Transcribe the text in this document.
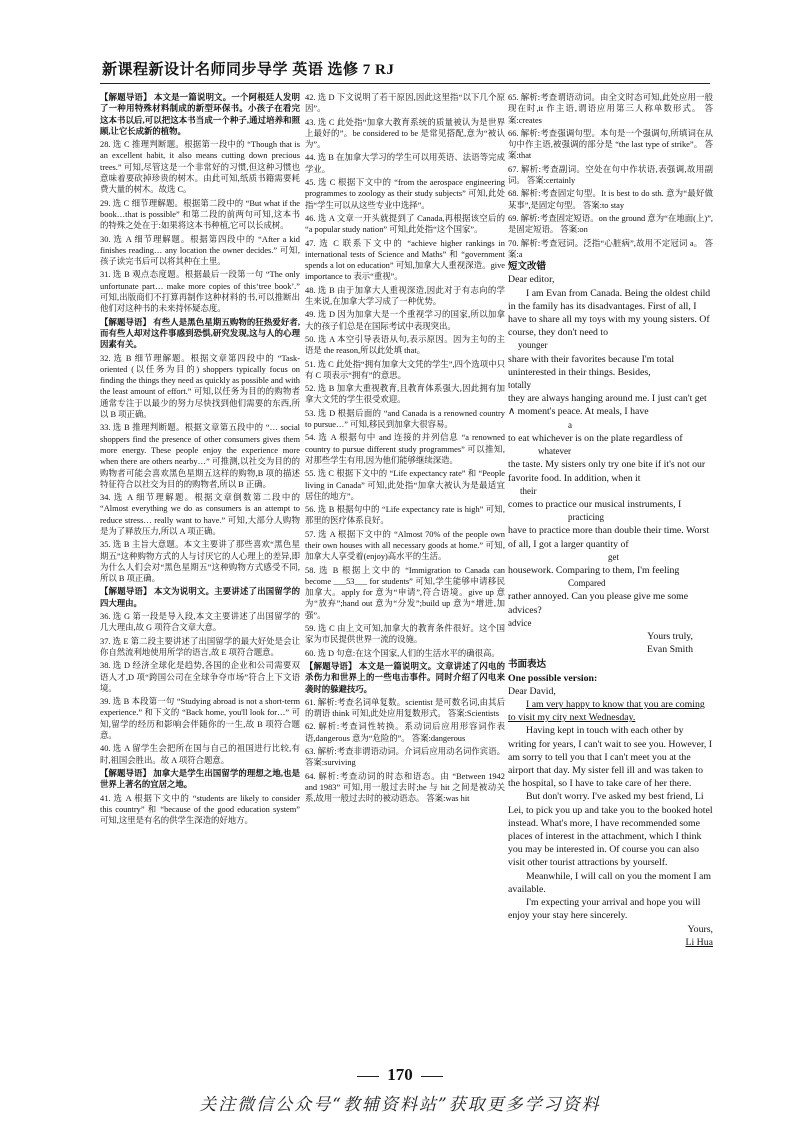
新课程新设计名师同步导学 英语 选修 7 RJ
【解题导语】 本文是一篇说明文。一个阿根廷人发明了一种用特殊材料制成的新型环保书。小孩子在看完这本书以后,可以把这本书当成一个种子,通过培养和照顾,让它长成新的植物。
28. 选 C 推理判断题。根据第一段中的 “Though that is an excellent habit, it also means cutting down precious trees.” 可知,尽管这是一个非常好的习惯,但这种习惯也意味着要砍掉珍贵的树木。由此可知,纸质书籍需要耗费大量的树木。故选 C。
29. 选 C 细节理解题。根据第二段中的 “But what if the book…that is possible” 和第二段的前两句可知,这本书的特殊之处在于:如果将这本书种植,它可以长成树。
30. 选 A 细节理解题。根据第四段中的 “After a kid finishes reading… any location the owner decides.” 可知,孩子读完书后可以将其种在土里。
31. 选 B 观点态度题。根据最后一段第一句 “The only unfortunate part… make more copies of this‘tree book’.” 可知,出版商们不打算再制作这种材料的书,可以推断出他们对这种书的未来持怀疑态度。
【解题导语】 有些人是黑色星期五购物的狂热爱好者,而有些人却对这件事感到恐惧,研究发现,这与人的心理因素有关。
32. 选 B 细节理解题。根据文章第四段中的 “Task-oriented (以任务为目的) shoppers typically focus on finding the things they need as quickly as possible and with the least amount of effort.” 可知,以任务为目的的购物者通常专注于以最少的努力尽快找到他们需要的东西,所以 B 项正确。
33. 选 B 推理判断题。根据文章第五段中的 “… social shoppers find the presence of other consumers gives them more energy. These people enjoy the experience more when there are others nearby…” 可推测,以社交为目的的购物者可能会喜欢黑色星期五这样的购物,B 项的描述特征符合以社交为目的的购物者,所以 B 正确。
34. 选 A 细节理解题。根据文章倒数第二段中的 “Almost everything we do as consumers is an attempt to reduce stress… really want to have.” 可知,大部分人购物是为了释放压力,所以 A 项正确。
35. 选 B 主旨大意题。本文主要讲了那些喜欢“黑色星期五”这种购物方式的人与讨厌它的人心理上的差异,即为什么人们会对“黑色星期五”这种购物方式感受不同,所以 B 项正确。
【解题导语】 本文为说明文。主要讲述了出国留学的四大理由。
36. 选 G 第一段是导入段,本文主要讲述了出国留学的几大理由,故 G 项符合文章大意。
37. 选 E 第二段主要讲述了出国留学的最大好处是会让你自然流利地使用所学的语言,故 E 项符合题意。
38. 选 D 经济全球化是趋势,各国的企业和公司需要双语人才,D 项“跨国公司在全球争夺市场”符合上下文语境。
39. 选 B 本段第一句 “Studying abroad is not a short-term experience.” 和下文的 “Back home, you'll look for…” 可知,留学的经历和影响会伴随你的一生,故 B 项符合题意。
40. 选 A 留学生会把所在国与自己的祖国进行比较,有时,祖国会胜出。故 A 项符合题意。
【解题导语】 加拿大是学生出国留学的理想之地,也是世界上著名的宜居之地。
41. 选 A 根据下文中的 “students are likely to consider this country” 和 “because of the good education system” 可知,这里是有名的供学生深造的好地方。
42. 选 D 下文说明了若干原因,因此这里指“以下几个原因”。
43. 选 C 此处指“加拿大教育系统的质量被认为是世界上最好的”。be considered to be 是常见搭配,意为“被认为”。
44. 选 B 在加拿大学习的学生可以用英语、法语等完成学业。
45. 选 C 根据下文中的 “from the aerospace engineering programmes to zoology as their study subjects” 可知,此处指“学生可以从这些专业中选择”。
46. 选 A 文章一开头就提到了 Canada,再根据该空后的 “a popular study nation” 可知,此处指“这个国家”。
47. 选 C 联系下文中的 “achieve higher rankings in international tests of Science and Maths” 和 “government spends a lot on education” 可知,加拿大人重视深造。give importance to 表示“重视”。
48. 选 B 由于加拿大人重视深造,因此对于有志向的学生来说,在加拿大学习成了一种优势。
49. 选 D 因为加拿大是一个重视学习的国家,所以加拿大的孩子们总是在国际考试中表现突出。
50. 选 A 本空引导表语从句,表示原因。因为主句的主语是 the reason,所以此处填 that。
51. 选 C 此处指“拥有加拿大文凭的学生”,四个选项中只有 C 项表示“拥有”的意思。
52. 选 B 加拿大重视教育,且教育体系强大,因此拥有加拿大文凭的学生很受欢迎。
53. 选 D 根据后面的 “and Canada is a renowned country to pursue…” 可知,移民到加拿大很容易。
54. 选 A 根据句中 and 连接的并列信息 “a renowned country to pursue different study programmes” 可以推知,对那些学生有用,因为他们能够继续深造。
55. 选 C 根据下文中的 “Life expectancy rate” 和 “People living in Canada” 可知,此处指“加拿大被认为是最适宜居住的地方”。
56. 选 B 根据句中的 “Life expectancy rate is high” 可知,那里的医疗体系良好。
57. 选 A 根据下文中的 “Almost 70% of the people own their own houses with all necessary goods at home.” 可知,加拿大人享受着(enjoy)高水平的生活。
58. 选 B 根据上文中的 “Immigration to Canada can become ___53___ for students” 可知,学生能够申请移民加拿大。apply for 意为“申请”,符合语境。give up 意为“放弃”;hand out 意为“分发”;build up 意为“增进,加强”。
59. 选 C 由上文可知,加拿大的教育条件很好。这个国家为市民提供世界一流的设施。
60. 选 D 句意:在这个国家,人们的生活水平的确很高。
【解题导语】 本文是一篇说明文。文章讲述了闪电的杀伤力和世界上的一些电击事件。同时介绍了闪电来袭时的躲避技巧。
61. 解析:考查名词单复数。scientist 是可数名词,由其后的谓语 think 可知,此处应用复数形式。 答案:Scientists
62. 解析:考查词性转换。系动词后应用形容词作表语,dangerous 意为“危险的”。 答案:dangerous
63. 解析:考查非谓语动词。介词后应用动名词作宾语。 答案:surviving
64. 解析:考查动词的时态和语态。由 “Between 1942 and 1983” 可知,用一般过去时;he 与 hit 之间是被动关系,故用一般过去时的被动语态。 答案:was hit
65. 解析:考查谓语动词。由全文时态可知,此处应用一般现在时,it 作主语,谓语应用第三人称单数形式。 答案:creates
66. 解析:考查强调句型。本句是一个强调句,所填词在从句中作主语,被强调的部分是 “the last type of strike”。 答案:that
67. 解析:考查副词。空处在句中作状语,表强调,故用副词。 答案:certainly
68. 解析:考查固定句型。It is best to do sth. 意为“最好做某事”,是固定句型。 答案:to stay
69. 解析:考查固定短语。on the ground 意为“在地面(上)”,是固定短语。 答案:on
70. 解析:考查冠词。泛指“心脏病”,故用不定冠词 a。 答案:a
短文改错
Dear editor,

I am Evan from Canada. Being the oldest child in the family has its disadvantages. First of all, I have to share all my toys with my young sisters. Of course, they don't need to

younger

share with their favorites because I'm total uninterested in their things. Besides,

totally

they are always hanging around me. I just can't get ∧ moment's peace. At meals, I have

a

to eat whichever is on the plate regardless of

whatever

the taste. My sisters only try one bite if it's not our favorite food. In addition, when it

their

comes to practice our musical instruments, I

practicing

have to practice more than double their time. Worst of all, I got a larger quantity of

get

housework. Comparing to them, I'm feeling

Compared

rather annoyed. Can you please give me some advices?

advice

Yours truly,

Evan Smith

书面表达
One possible version:
Dear David,
I am very happy to know that you are coming to visit my city next Wednesday.
Having kept in touch with each other by writing for years, I can't wait to see you. However, I am sorry to tell you that I can't meet you at the airport that day. My sister fell ill and was taken to the hospital, so I have to take care of her there.
But don't worry. I've asked my best friend, Li Lei, to pick you up and take you to the booked hotel instead. What's more, I have recommended some places of interest in the attachment, which I think you may be interested in. Of course you can also visit other tourist attractions by yourself.
Meanwhile, I will call on you the moment I am available.
I'm expecting your arrival and hope you will enjoy your stay here sincerely.
Yours,
Li Hua
170
关注微信公众号“教辅资料站”获取更多学习资料
